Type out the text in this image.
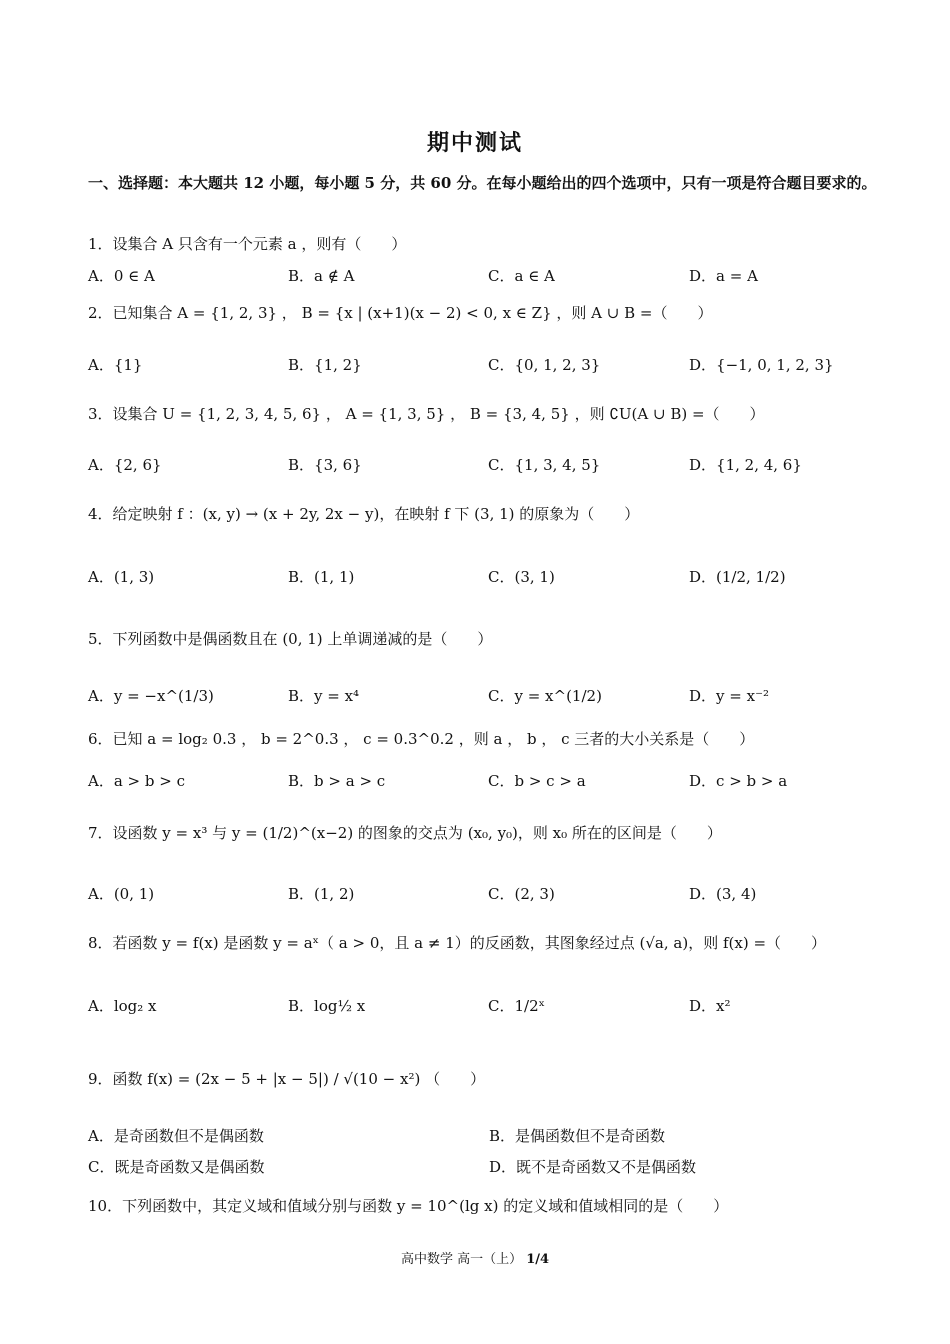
期中测试
一、选择题：本大题共 12 小题，每小题 5 分，共 60 分。在每小题给出的四个选项中，只有一项是符合题目要求的。
1．设集合 A 只含有一个元素 a ，则有（　　）
A．0 ∈ A	B．a ∉ A	C．a ∈ A	D．a = A
2．已知集合 A = {1, 2, 3} ， B = {x | (x+1)(x − 2) < 0, x ∈ Z} ，则 A ∪ B =（　　）
A．{1}	B．{1, 2}	C．{0, 1, 2, 3}	D．{−1, 0, 1, 2, 3}
3．设集合 U = {1, 2, 3, 4, 5, 6} ， A = {1, 3, 5} ， B = {3, 4, 5} ，则 ∁U(A ∪ B) =（　　）
A．{2, 6}	B．{3, 6}	C．{1, 3, 4, 5}	D．{1, 2, 4, 6}
4．给定映射 f ：(x, y) → (x + 2y, 2x − y)，在映射 f 下 (3, 1) 的原象为（　　）
A．(1, 3)	B．(1, 1)	C．(3, 1)	D．(1/2, 1/2)
5．下列函数中是偶函数且在 (0, 1) 上单调递减的是（　　）
A．y = −x^(1/3)	B．y = x⁴	C．y = x^(1/2)	D．y = x⁻²
6．已知 a = log₂ 0.3 ， b = 2^0.3 ， c = 0.3^0.2 ，则 a ， b ， c 三者的大小关系是（　　）
A．a > b > c	B．b > a > c	C．b > c > a	D．c > b > a
7．设函数 y = x³ 与 y = (1/2)^(x−2) 的图象的交点为 (x₀, y₀)，则 x₀ 所在的区间是（　　）
A．(0, 1)	B．(1, 2)	C．(2, 3)	D．(3, 4)
8．若函数 y = f(x) 是函数 y = aˣ（ a > 0，且 a ≠ 1）的反函数，其图象经过点 (√a, a)，则 f(x) =（　　）
A．log₂ x	B．log½ x	C．1/2ˣ	D．x²
9．函数 f(x) = (2x − 5 + |x − 5|) / √(10 − x²) （　　）
A．是奇函数但不是偶函数	B．是偶函数但不是奇函数
C．既是奇函数又是偶函数	D．既不是奇函数又不是偶函数
10．下列函数中，其定义域和值域分别与函数 y = 10^(lg x) 的定义域和值域相同的是（　　）
高中数学 高一（上） 1/4
